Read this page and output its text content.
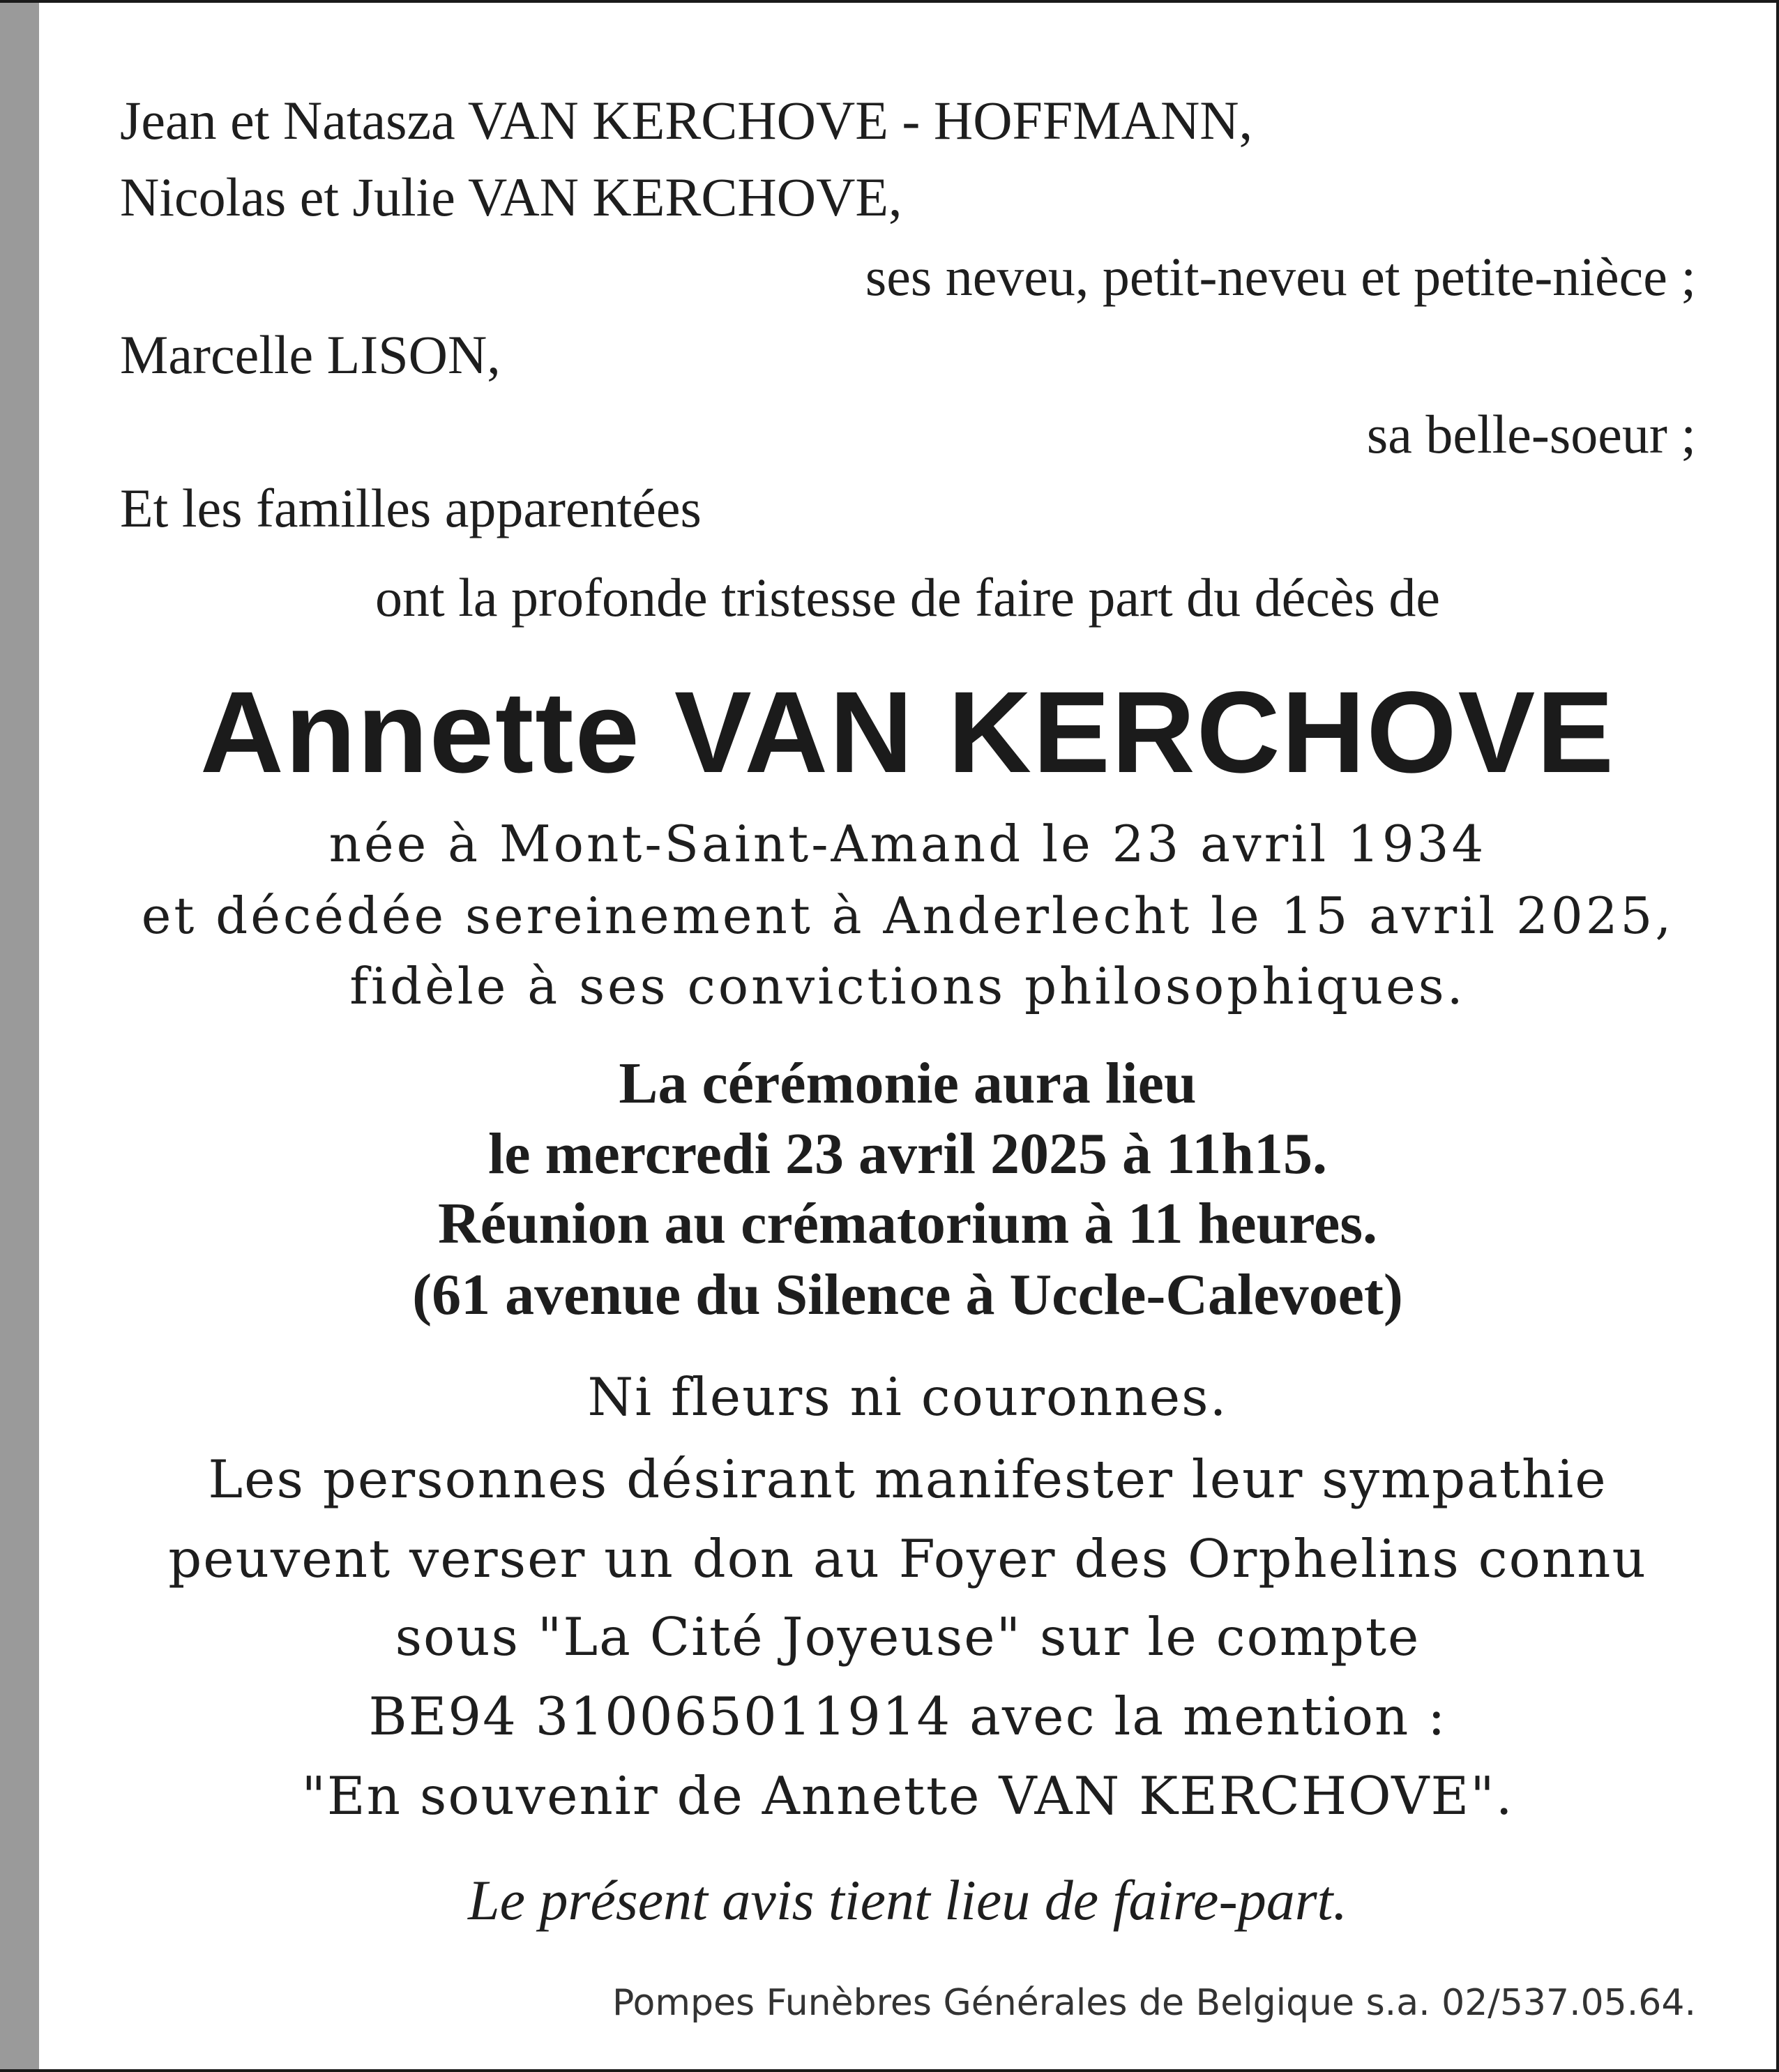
Jean et Natasza VAN KERCHOVE - HOFFMANN,

Nicolas et Julie VAN KERCHOVE,

ses neveu, petit-neveu et petite-nièce ;

Marcelle LISON,

sa belle-soeur ;

Et les familles apparentées

ont la profonde tristesse de faire part du décès de

Annette VAN KERCHOVE

née à Mont-Saint-Amand le 23 avril 1934

et décédée sereinement à Anderlecht le 15 avril 2025,

fidèle à ses convictions philosophiques.

La cérémonie aura lieu

le mercredi 23 avril 2025 à 11h15.

Réunion au crématorium à 11 heures.

(61 avenue du Silence à Uccle-Calevoet)

Ni fleurs ni couronnes.

Les personnes désirant manifester leur sympathie

peuvent verser un don au Foyer des Orphelins connu

sous "La Cité Joyeuse" sur le compte

BE94 310065011914 avec la mention :

"En souvenir de Annette VAN KERCHOVE".

Le présent avis tient lieu de faire-part.

Pompes Funèbres Générales de Belgique s.a. 02/537.05.64.
